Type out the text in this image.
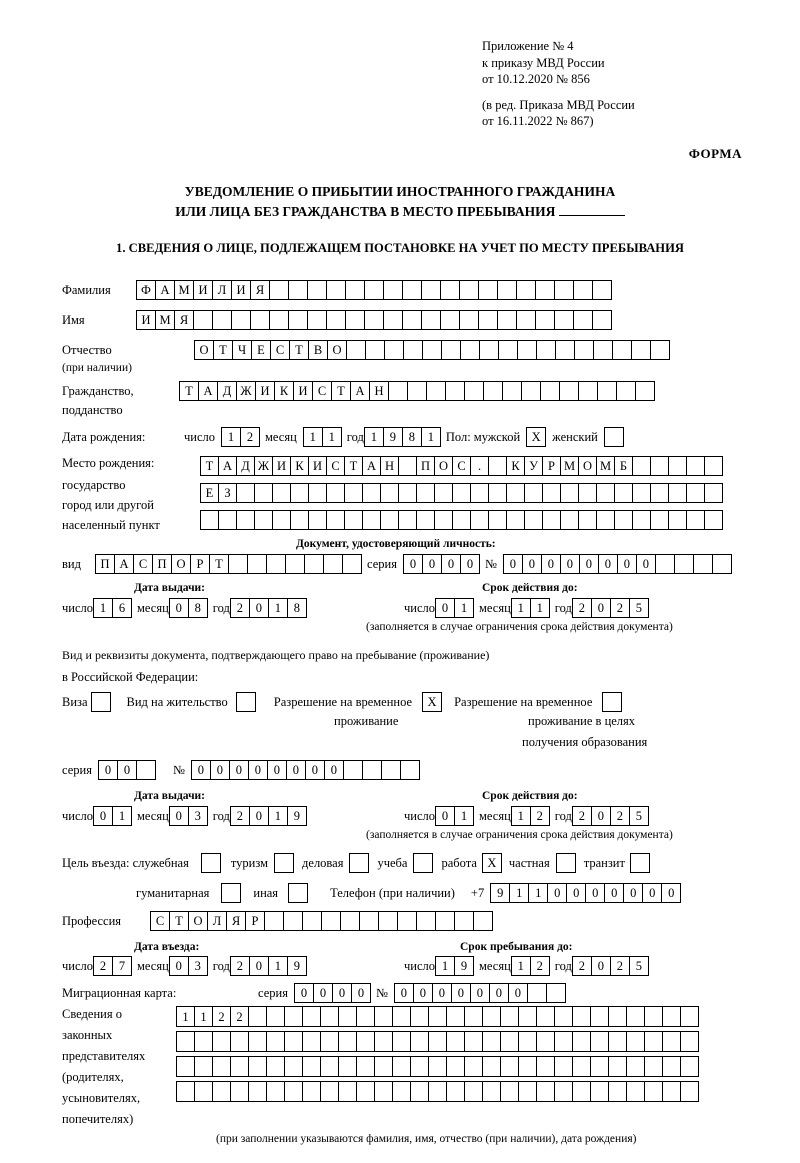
Приложение № 4
к приказу МВД России
от 10.12.2020 № 856
(в ред. Приказа МВД России
от 16.11.2022 № 867)
ФОРМА
УВЕДОМЛЕНИЕ О ПРИБЫТИИ ИНОСТРАННОГО ГРАЖДАНИНА
ИЛИ ЛИЦА БЕЗ ГРАЖДАНСТВА В МЕСТО ПРЕБЫВАНИЯ
1. СВЕДЕНИЯ О ЛИЦЕ, ПОДЛЕЖАЩЕМ ПОСТАНОВКЕ НА УЧЕТ ПО МЕСТУ ПРЕБЫВАНИЯ
Фамилия	Ф А М И Л И Я
Имя	И М Я
Отчество	О Т Ч Е С Т В О
(при наличии)
Гражданство,	Т А Д Ж И К И С Т А Н
подданство
Дата рождения:	число	1	2 месяц	1	1 год 1	9	8	1 Пол: мужской Х женский
Место рождения:	Т А Д Ж И К И С Т А Н	П О С .	К У Р М О М Б
государство
Е З
город или другой
населенный пункт
Документ, удостоверяющий личность:
вид	П А С П О Р Т	серия	0	0	0	0 №	0	0	0	0	0	0	0	0
Дата выдачи:	Срок действия до:
число 1	6 месяц 0	8 год 2	0	1	8	число 0	1 месяц 1	1 год 2	0	2	5
(заполняется в случае ограничения срока действия документа)
Вид и реквизиты документа, подтверждающего право на пребывание (проживание)
в Российской Федерации:
Виза	Вид на жительство	Разрешение на временное	Х	Разрешение на временное
проживание	проживание в целях
получения образования
серия	0	0	№	0	0	0	0	0	0	0	0
Дата выдачи:	Срок действия до:
число 0	1 месяц 0	3 год 2	0	1	9	число 0	1 месяц 1	2 год 2	0	2	5
(заполняется в случае ограничения срока действия документа)
Цель въезда: служебная	туризм	деловая	учеба	работа Х частная	транзит
гуманитарная	иная	Телефон (при наличии) +7	9	1	1	0	0	0	0	0	0	0
Профессия	С Т О Л Я Р
Дата въезда:	Срок пребывания до:
число 2	7 месяц 0	3 год 2	0	1	9	число 1	9 месяц 1	2 год 2	0	2	5
Миграционная карта:	серия	0	0	0	0 №	0	0	0	0	0	0	0
Сведения о
законных
представителях
(родителях,
усыновителях,
попечителях)
1 1 2 2
(при заполнении указываются фамилия, имя, отчество (при наличии), дата рождения)
